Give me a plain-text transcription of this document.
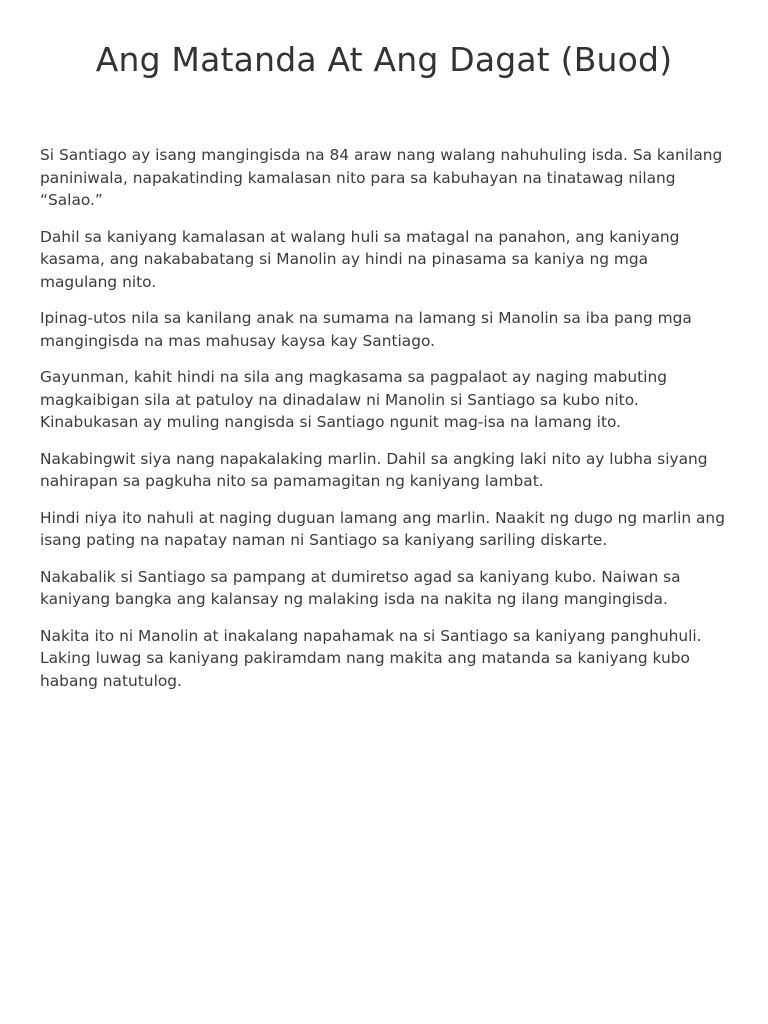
Ang Matanda At Ang Dagat (Buod)

Si Santiago ay isang mangingisda na 84 araw nang walang nahuhuling isda. Sa kanilang paniniwala, napakatinding kamalasan nito para sa kabuhayan na tinatawag nilang “Salao.”

Dahil sa kaniyang kamalasan at walang huli sa matagal na panahon, ang kaniyang kasama, ang nakababatang si Manolin ay hindi na pinasama sa kaniya ng mga magulang nito.

Ipinag-utos nila sa kanilang anak na sumama na lamang si Manolin sa iba pang mga mangingisda na mas mahusay kaysa kay Santiago.

Gayunman, kahit hindi na sila ang magkasama sa pagpalaot ay naging mabuting magkaibigan sila at patuloy na dinadalaw ni Manolin si Santiago sa kubo nito. Kinabukasan ay muling nangisda si Santiago ngunit mag-isa na lamang ito.

Nakabingwit siya nang napakalaking marlin. Dahil sa angking laki nito ay lubha siyang nahirapan sa pagkuha nito sa pamamagitan ng kaniyang lambat.

Hindi niya ito nahuli at naging duguan lamang ang marlin. Naakit ng dugo ng marlin ang isang pating na napatay naman ni Santiago sa kaniyang sariling diskarte.

Nakabalik si Santiago sa pampang at dumiretso agad sa kaniyang kubo. Naiwan sa kaniyang bangka ang kalansay ng malaking isda na nakita ng ilang mangingisda.

Nakita ito ni Manolin at inakalang napahamak na si Santiago sa kaniyang panghuhuli. Laking luwag sa kaniyang pakiramdam nang makita ang matanda sa kaniyang kubo habang natutulog.
